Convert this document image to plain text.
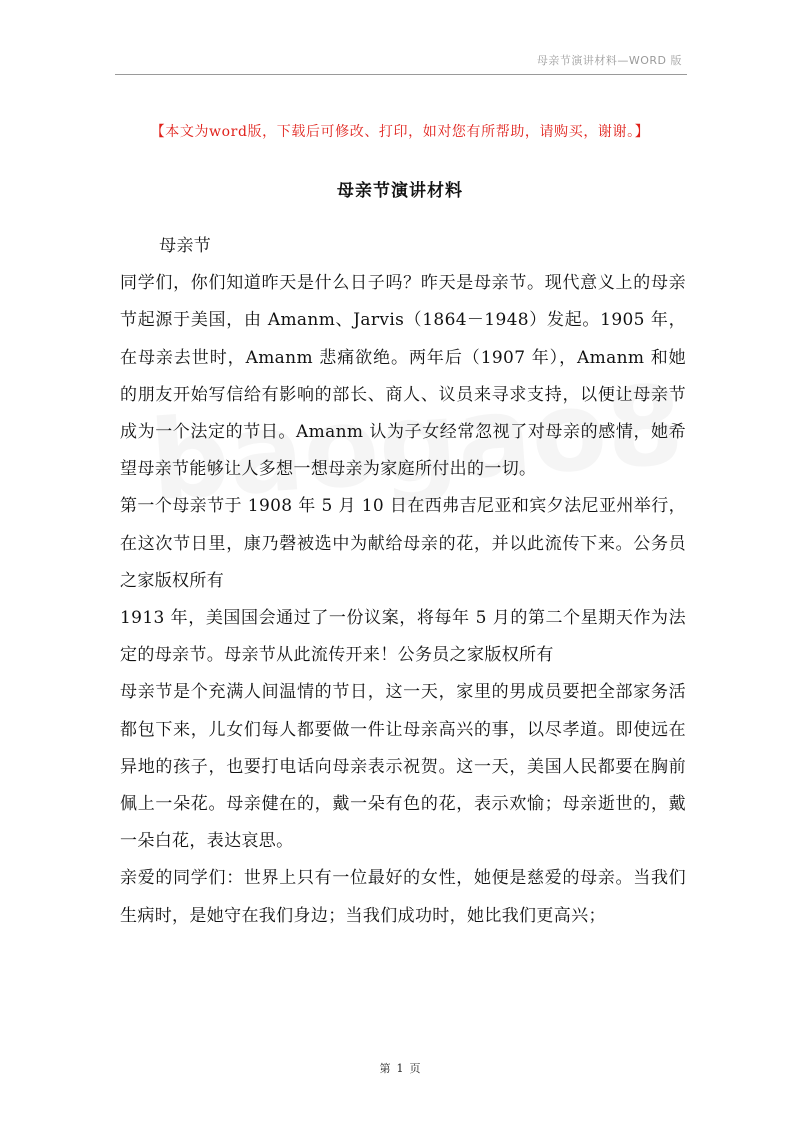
母亲节演讲材料—WORD 版
【本文为word版，下载后可修改、打印，如对您有所帮助，请购买，谢谢。】
母亲节演讲材料

母亲节

同学们，你们知道昨天是什么日子吗？昨天是母亲节。现代意义上的母亲节起源于美国，由 Amanm、Jarvis（1864－1948）发起。1905 年，在母亲去世时，Amanm 悲痛欲绝。两年后（1907 年），Amanm 和她的朋友开始写信给有影响的部长、商人、议员来寻求支持，以便让母亲节成为一个法定的节日。Amanm 认为子女经常忽视了对母亲的感情，她希望母亲节能够让人多想一想母亲为家庭所付出的一切。

第一个母亲节于 1908 年 5 月 10 日在西弗吉尼亚和宾夕法尼亚州举行，在这次节日里，康乃磬被选中为献给母亲的花，并以此流传下来。公务员之家版权所有

1913 年，美国国会通过了一份议案，将每年 5 月的第二个星期天作为法定的母亲节。母亲节从此流传开来！公务员之家版权所有

母亲节是个充满人间温情的节日，这一天，家里的男成员要把全部家务活都包下来，儿女们每人都要做一件让母亲高兴的事，以尽孝道。即使远在异地的孩子，也要打电话向母亲表示祝贺。这一天，美国人民都要在胸前佩上一朵花。母亲健在的，戴一朵有色的花，表示欢愉；母亲逝世的，戴一朵白花，表达哀思。

亲爱的同学们：世界上只有一位最好的女性，她便是慈爱的母亲。当我们生病时，是她守在我们身边；当我们成功时，她比我们更高兴；

第 1 页
